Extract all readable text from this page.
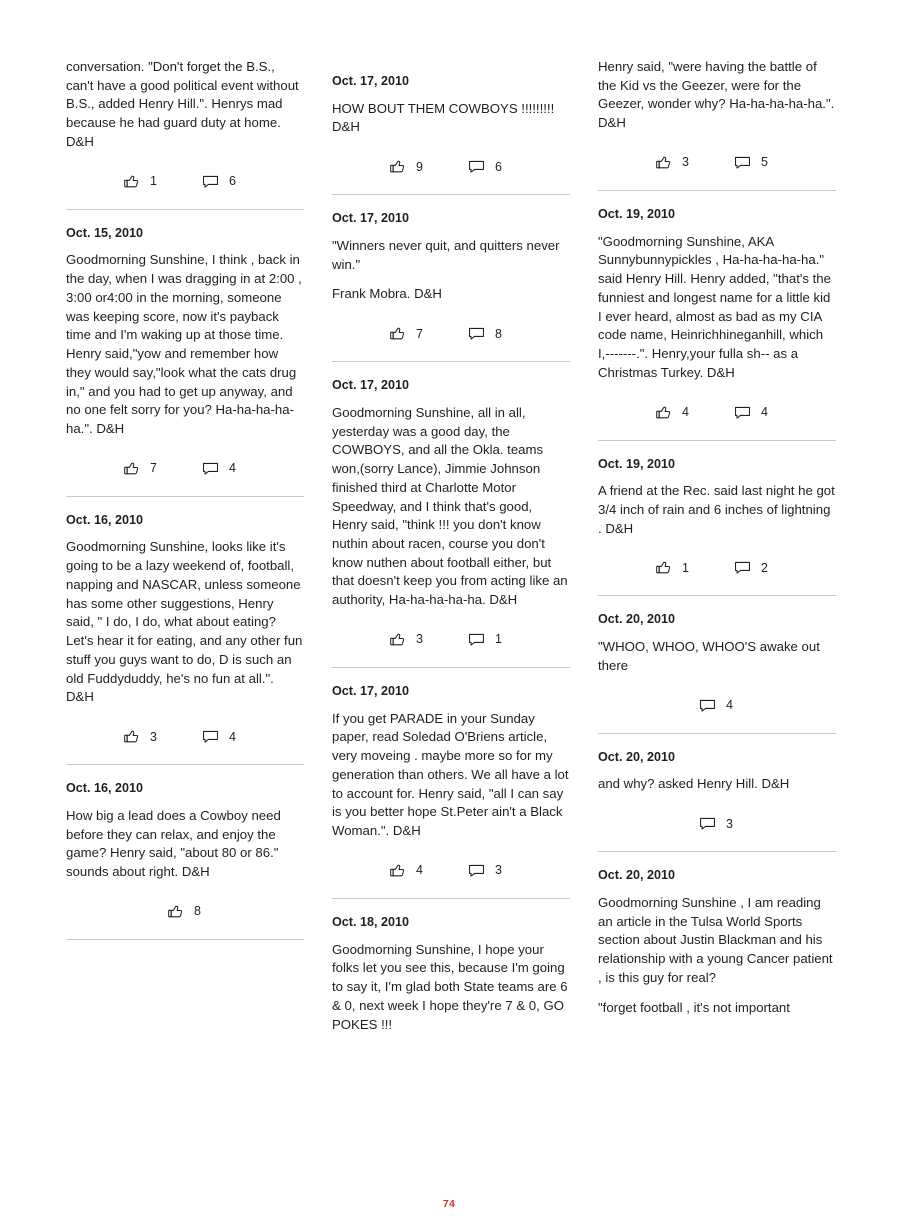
conversation. "Don't forget the B.S., can't have a good political event without B.S., added Henry Hill.". Henrys mad because he had guard duty at home. D&H

1	6
Oct. 15, 2010

Goodmorning Sunshine, I think , back in the day, when I was dragging in at 2:00 , 3:00 or4:00 in the morning, someone was keeping score, now it's payback time and I'm waking up at those time. Henry said,"yow and remember how they would say,"look what the cats drug in," and you had to get up anyway, and no one felt sorry for you? Ha-ha-ha-ha-ha.". D&H

7	4
Oct. 16, 2010

Goodmorning Sunshine, looks like it's going to be a lazy weekend of, football, napping and NASCAR, unless someone has some other suggestions, Henry said, " I do, I do, what about eating? Let's hear it for eating, and any other fun stuff you guys want to do, D is such an old Fuddyduddy, he's no fun at all.". D&H

3	4
Oct. 16, 2010

How big a lead does a Cowboy need before they can relax, and enjoy the game? Henry said, "about 80 or 86." sounds about right. D&H

8
Oct. 17, 2010

HOW BOUT THEM COWBOYS !!!!!!!!! D&H

9	6
Oct. 17, 2010

"Winners never quit, and quitters never win."

Frank Mobra. D&H

7	8
Oct. 17, 2010

Goodmorning Sunshine, all in all, yesterday was a good day, the COWBOYS, and all the Okla. teams won,(sorry Lance), Jimmie Johnson finished third at Charlotte Motor Speedway, and I think that's good, Henry said, "think !!! you don't know nuthin about racen, course you don't know nuthen about football either, but that doesn't keep you from acting like an authority, Ha-ha-ha-ha-ha. D&H

3	1
Oct. 17, 2010

If you get PARADE in your Sunday paper, read Soledad O'Briens article, very moveing . maybe more so for my generation than others. We all have a lot to account for. Henry said, "all I can say is you better hope St.Peter ain't a Black Woman.". D&H

4	3
Oct. 18, 2010

Goodmorning Sunshine, I hope your folks let you see this, because I'm going to say it, I'm glad both State teams are 6 & 0, next week I hope they're 7 & 0, GO POKES !!!

Henry said, "were having the battle of the Kid vs the Geezer, were for the Geezer, wonder why? Ha-ha-ha-ha-ha.". D&H

3	5
Oct. 19, 2010

"Goodmorning Sunshine, AKA Sunnybunnypickles , Ha-ha-ha-ha-ha." said Henry Hill. Henry added, "that's the funniest and longest name for a little kid I ever heard, almost as bad as my CIA code name, Heinrichhineganhill, which I,-------.". Henry,your fulla sh-- as a Christmas Turkey. D&H

4	4
Oct. 19, 2010

A friend at the Rec. said last night he got 3/4 inch of rain and 6 inches of lightning . D&H

1	2
Oct. 20, 2010

"WHOO, WHOO, WHOO'S awake out there

4
Oct. 20, 2010

and why? asked Henry Hill. D&H

3
Oct. 20, 2010

Goodmorning Sunshine , I am reading an article in the Tulsa World Sports section about Justin Blackman and his relationship with a young Cancer patient , is this guy for real?

"forget football , it's not important

74
